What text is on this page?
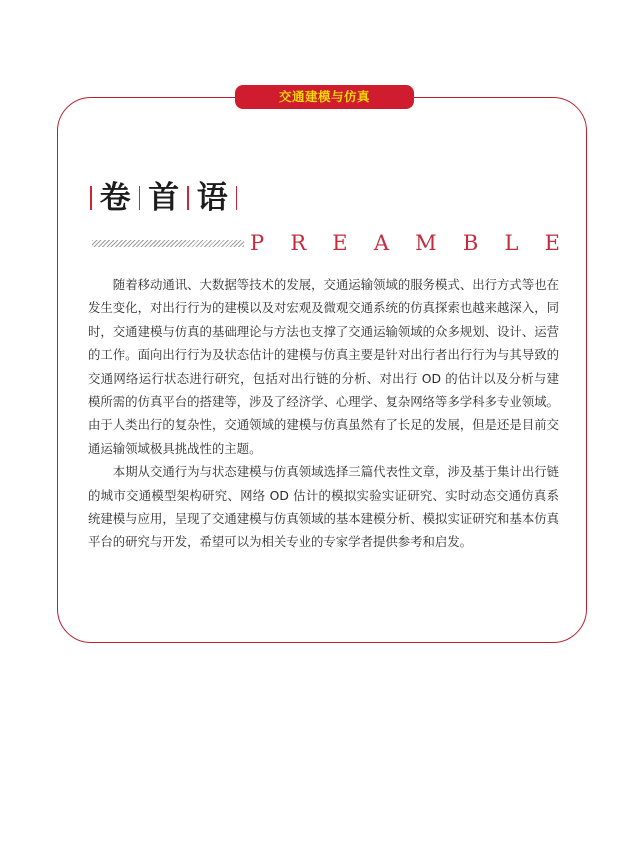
交通建模与仿真
卷 首 语
P R E A M B L E

随着移动通讯、大数据等技术的发展，交通运输领域的服务模式、出行方式等也在发生变化，对出行行为的建模以及对宏观及微观交通系统的仿真探索也越来越深入，同时，交通建模与仿真的基础理论与方法也支撑了交通运输领域的众多规划、设计、运营的工作。面向出行行为及状态估计的建模与仿真主要是针对出行者出行行为与其导致的交通网络运行状态进行研究，包括对出行链的分析、对出行 OD 的估计以及分析与建模所需的仿真平台的搭建等，涉及了经济学、心理学、复杂网络等多学科多专业领域。由于人类出行的复杂性，交通领域的建模与仿真虽然有了长足的发展，但是还是目前交通运输领域极具挑战性的主题。

本期从交通行为与状态建模与仿真领域选择三篇代表性文章，涉及基于集计出行链的城市交通模型架构研究、网络 OD 估计的模拟实验实证研究、实时动态交通仿真系统建模与应用，呈现了交通建模与仿真领域的基本建模分析、模拟实证研究和基本仿真平台的研究与开发，希望可以为相关专业的专家学者提供参考和启发。
